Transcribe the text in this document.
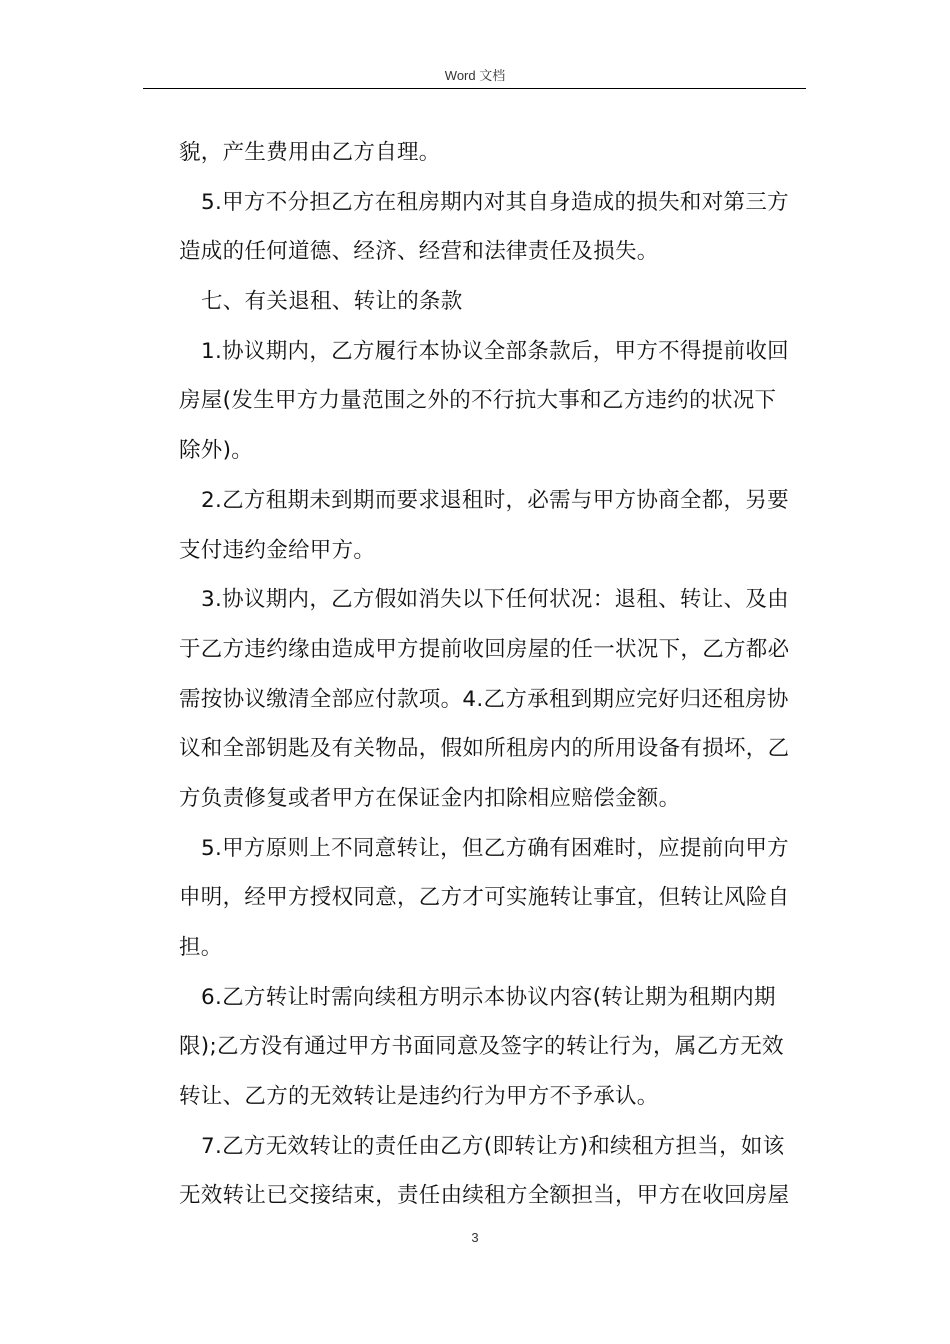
Word 文档
貌，产生费用由乙方自理。
5.甲方不分担乙方在租房期内对其自身造成的损失和对第三方
造成的任何道德、经济、经营和法律责任及损失。
七、有关退租、转让的条款
1.协议期内，乙方履行本协议全部条款后，甲方不得提前收回
房屋(发生甲方力量范围之外的不行抗大事和乙方违约的状况下
除外)。
2.乙方租期未到期而要求退租时，必需与甲方协商全都，另要
支付违约金给甲方。
3.协议期内，乙方假如消失以下任何状况：退租、转让、及由
于乙方违约缘由造成甲方提前收回房屋的任一状况下，乙方都必
需按协议缴清全部应付款项。4.乙方承租到期应完好归还租房协
议和全部钥匙及有关物品，假如所租房内的所用设备有损坏，乙
方负责修复或者甲方在保证金内扣除相应赔偿金额。
5.甲方原则上不同意转让，但乙方确有困难时，应提前向甲方
申明，经甲方授权同意，乙方才可实施转让事宜，但转让风险自
担。
6.乙方转让时需向续租方明示本协议内容(转让期为租期内期
限);乙方没有通过甲方书面同意及签字的转让行为，属乙方无效
转让、乙方的无效转让是违约行为甲方不予承认。
7.乙方无效转让的责任由乙方(即转让方)和续租方担当，如该
无效转让已交接结束，责任由续租方全额担当，甲方在收回房屋
3
